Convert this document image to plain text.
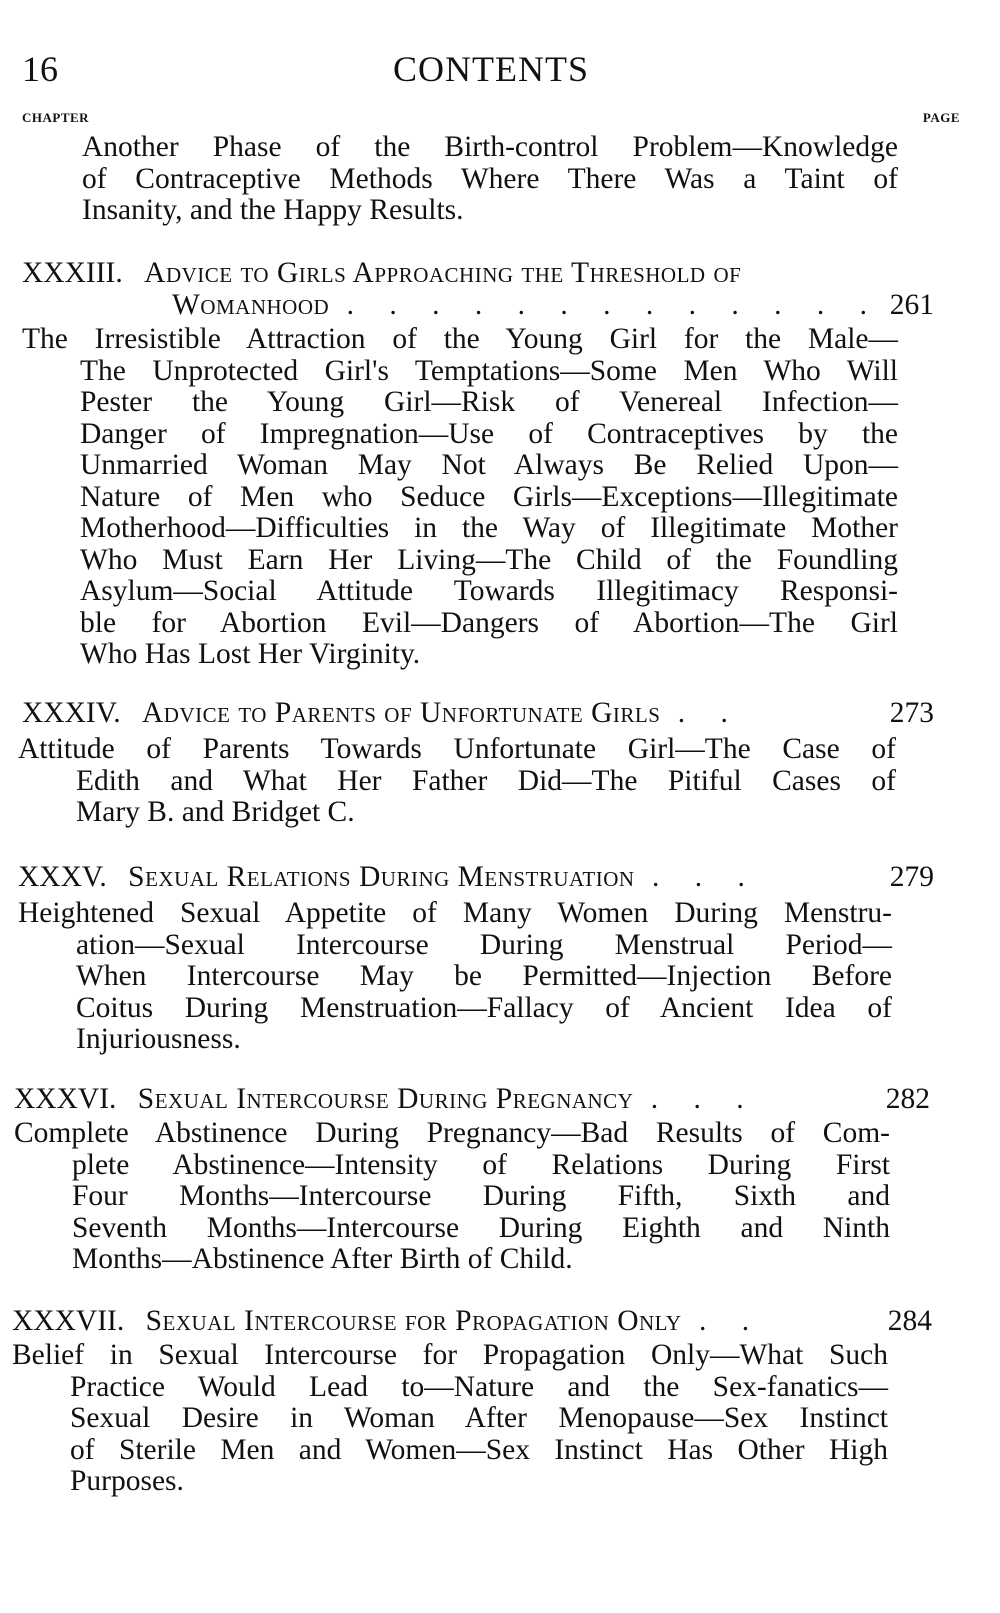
16	CONTENTS
CHAPTER	PAGE
Another Phase of the Birth-control Problem—Knowledge
of Contraceptive Methods Where There Was a Taint of
Insanity, and the Happy Results.
XXXIII. Advice to Girls Approaching the Threshold of
Womanhood . . . . . . . . . . . . . 261
The Irresistible Attraction of the Young Girl for the Male—
The Unprotected Girl's Temptations—Some Men Who Will
Pester the Young Girl—Risk of Venereal Infection—
Danger of Impregnation—Use of Contraceptives by the
Unmarried Woman May Not Always Be Relied Upon—
Nature of Men who Seduce Girls—Exceptions—Illegitimate
Motherhood—Difficulties in the Way of Illegitimate Mother
Who Must Earn Her Living—The Child of the Foundling
Asylum—Social Attitude Towards Illegitimacy Responsi-
ble for Abortion Evil—Dangers of Abortion—The Girl
Who Has Lost Her Virginity.
XXXIV. Advice to Parents of Unfortunate Girls . .	273
Attitude of Parents Towards Unfortunate Girl—The Case of
Edith and What Her Father Did—The Pitiful Cases of
Mary B. and Bridget C.
XXXV. Sexual Relations During Menstruation . . .	279
Heightened Sexual Appetite of Many Women During Menstru-
ation—Sexual Intercourse During Menstrual Period—
When Intercourse May be Permitted—Injection Before
Coitus During Menstruation—Fallacy of Ancient Idea of
Injuriousness.
XXXVI. Sexual Intercourse During Pregnancy . . .	282
Complete Abstinence During Pregnancy—Bad Results of Com-
plete Abstinence—Intensity of Relations During First
Four Months—Intercourse During Fifth, Sixth and
Seventh Months—Intercourse During Eighth and Ninth
Months—Abstinence After Birth of Child.
XXXVII. Sexual Intercourse for Propagation Only . .	284
Belief in Sexual Intercourse for Propagation Only—What Such
Practice Would Lead to—Nature and the Sex-fanatics—
Sexual Desire in Woman After Menopause—Sex Instinct
of Sterile Men and Women—Sex Instinct Has Other High
Purposes.
